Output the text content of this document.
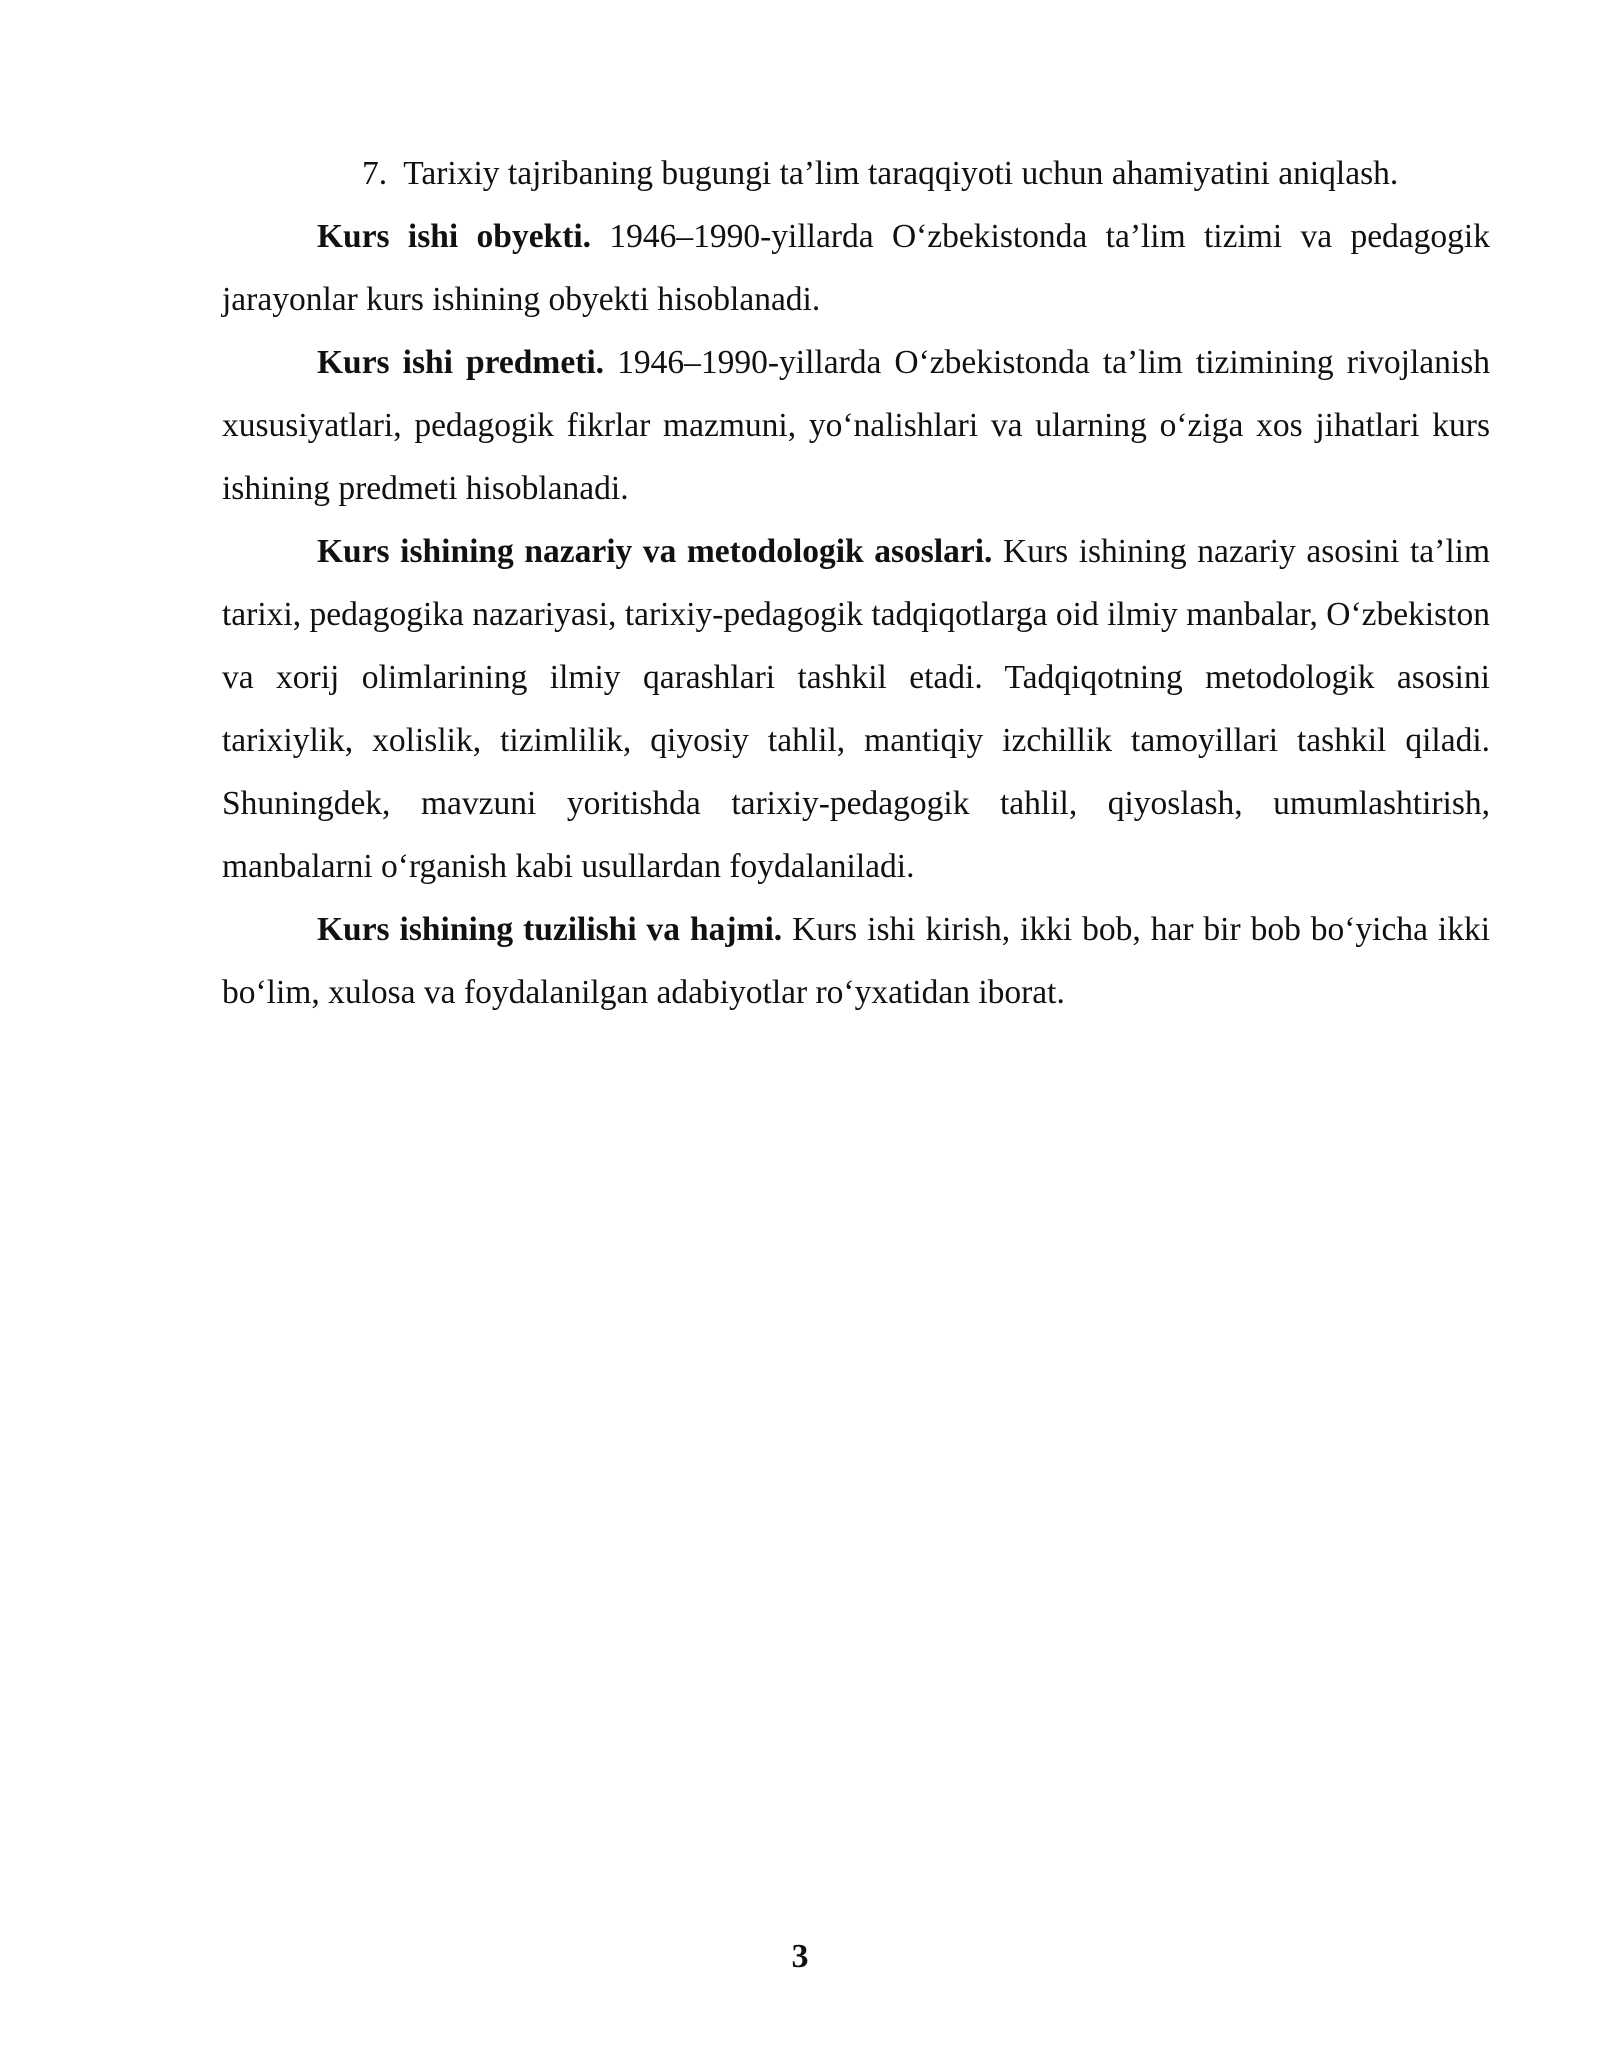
7. Tarixiy tajribaning bugungi ta’lim taraqqiyoti uchun ahamiyatini aniqlash.

Kurs ishi obyekti. 1946–1990-yillarda O‘zbekistonda ta’lim tizimi va pedagogik jarayonlar kurs ishining obyekti hisoblanadi.

Kurs ishi predmeti. 1946–1990-yillarda O‘zbekistonda ta’lim tizimining rivojlanish xususiyatlari, pedagogik fikrlar mazmuni, yo‘nalishlari va ularning o‘ziga xos jihatlari kurs ishining predmeti hisoblanadi.

Kurs ishining nazariy va metodologik asoslari. Kurs ishining nazariy asosini ta’lim tarixi, pedagogika nazariyasi, tarixiy-pedagogik tadqiqotlarga oid ilmiy manbalar, O‘zbekiston va xorij olimlarining ilmiy qarashlari tashkil etadi. Tadqiqotning metodologik asosini tarixiylik, xolislik, tizimlilik, qiyosiy tahlil, mantiqiy izchillik tamoyillari tashkil qiladi. Shuningdek, mavzuni yoritishda tarixiy-pedagogik tahlil, qiyoslash, umumlashtirish, manbalarni o‘rganish kabi usullardan foydalaniladi.

Kurs ishining tuzilishi va hajmi. Kurs ishi kirish, ikki bob, har bir bob bo‘yicha ikki bo‘lim, xulosa va foydalanilgan adabiyotlar ro‘yxatidan iborat.

3
